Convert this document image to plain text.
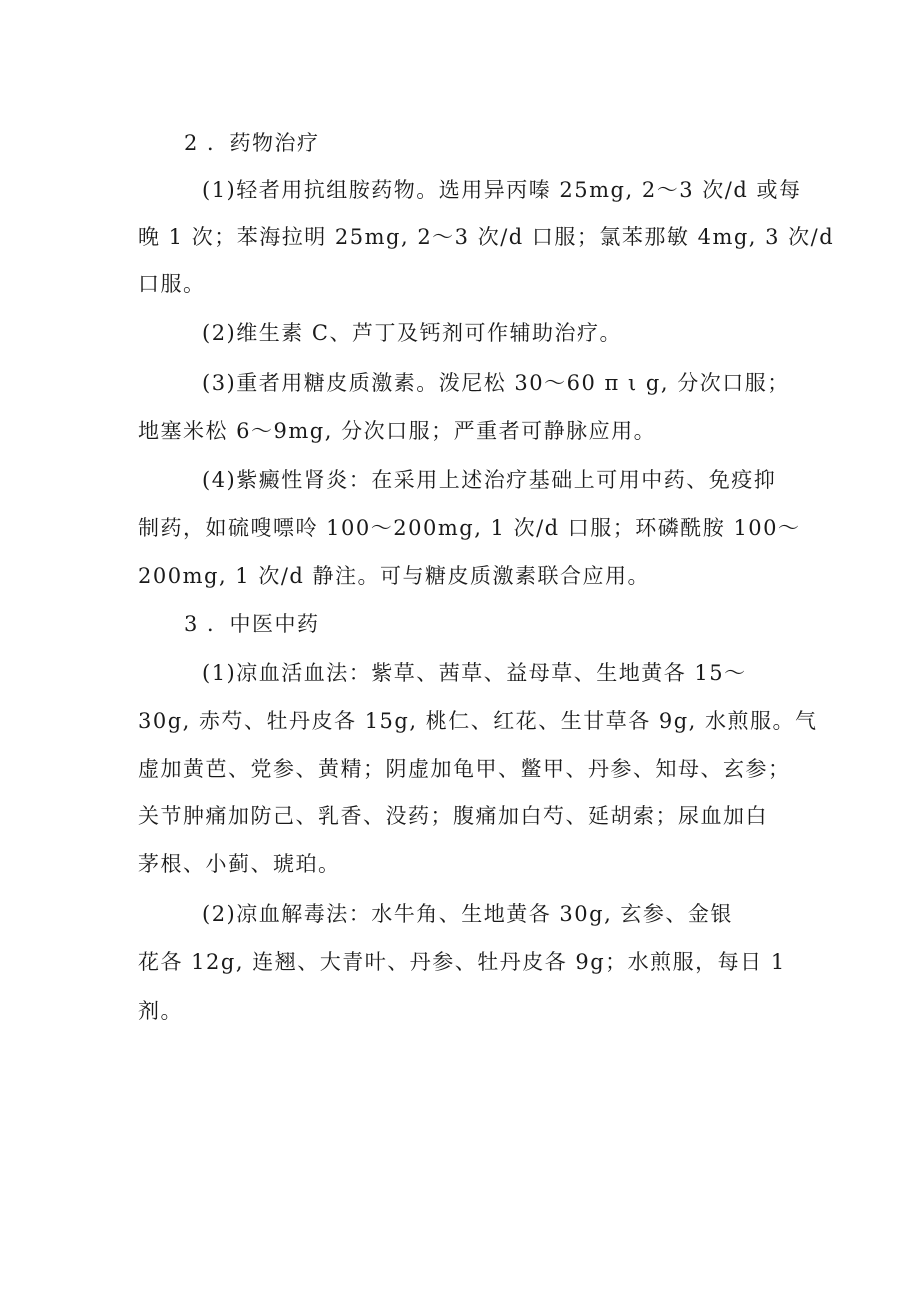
2 ．药物治疗
(1)轻者用抗组胺药物。选用异丙嗪 25mg, 2～3 次/d 或每
晚 1 次；苯海拉明 25mg, 2～3 次/d 口服；氯苯那敏 4mg, 3 次/d
口服。
(2)维生素 C、芦丁及钙剂可作辅助治疗。
(3)重者用糖皮质激素。泼尼松 30～60 π ι g, 分次口服；
地塞米松 6～9mg, 分次口服；严重者可静脉应用。
(4)紫癜性肾炎：在采用上述治疗基础上可用中药、免疫抑
制药，如硫嗖嘌呤 100～200mg, 1 次/d 口服；环磷酰胺 100～
200mg, 1 次/d 静注。可与糖皮质激素联合应用。
3 ．中医中药
(1)凉血活血法：紫草、茜草、益母草、生地黄各 15～
30g, 赤芍、牡丹皮各 15g, 桃仁、红花、生甘草各 9g, 水煎服。气
虚加黄芭、党参、黄精；阴虚加龟甲、鳖甲、丹参、知母、玄参；
关节肿痛加防己、乳香、没药；腹痛加白芍、延胡索；尿血加白
茅根、小蓟、琥珀。
(2)凉血解毒法：水牛角、生地黄各 30g, 玄参、金银
花各 12g, 连翘、大青叶、丹参、牡丹皮各 9g；水煎服，每日 1
剂。
